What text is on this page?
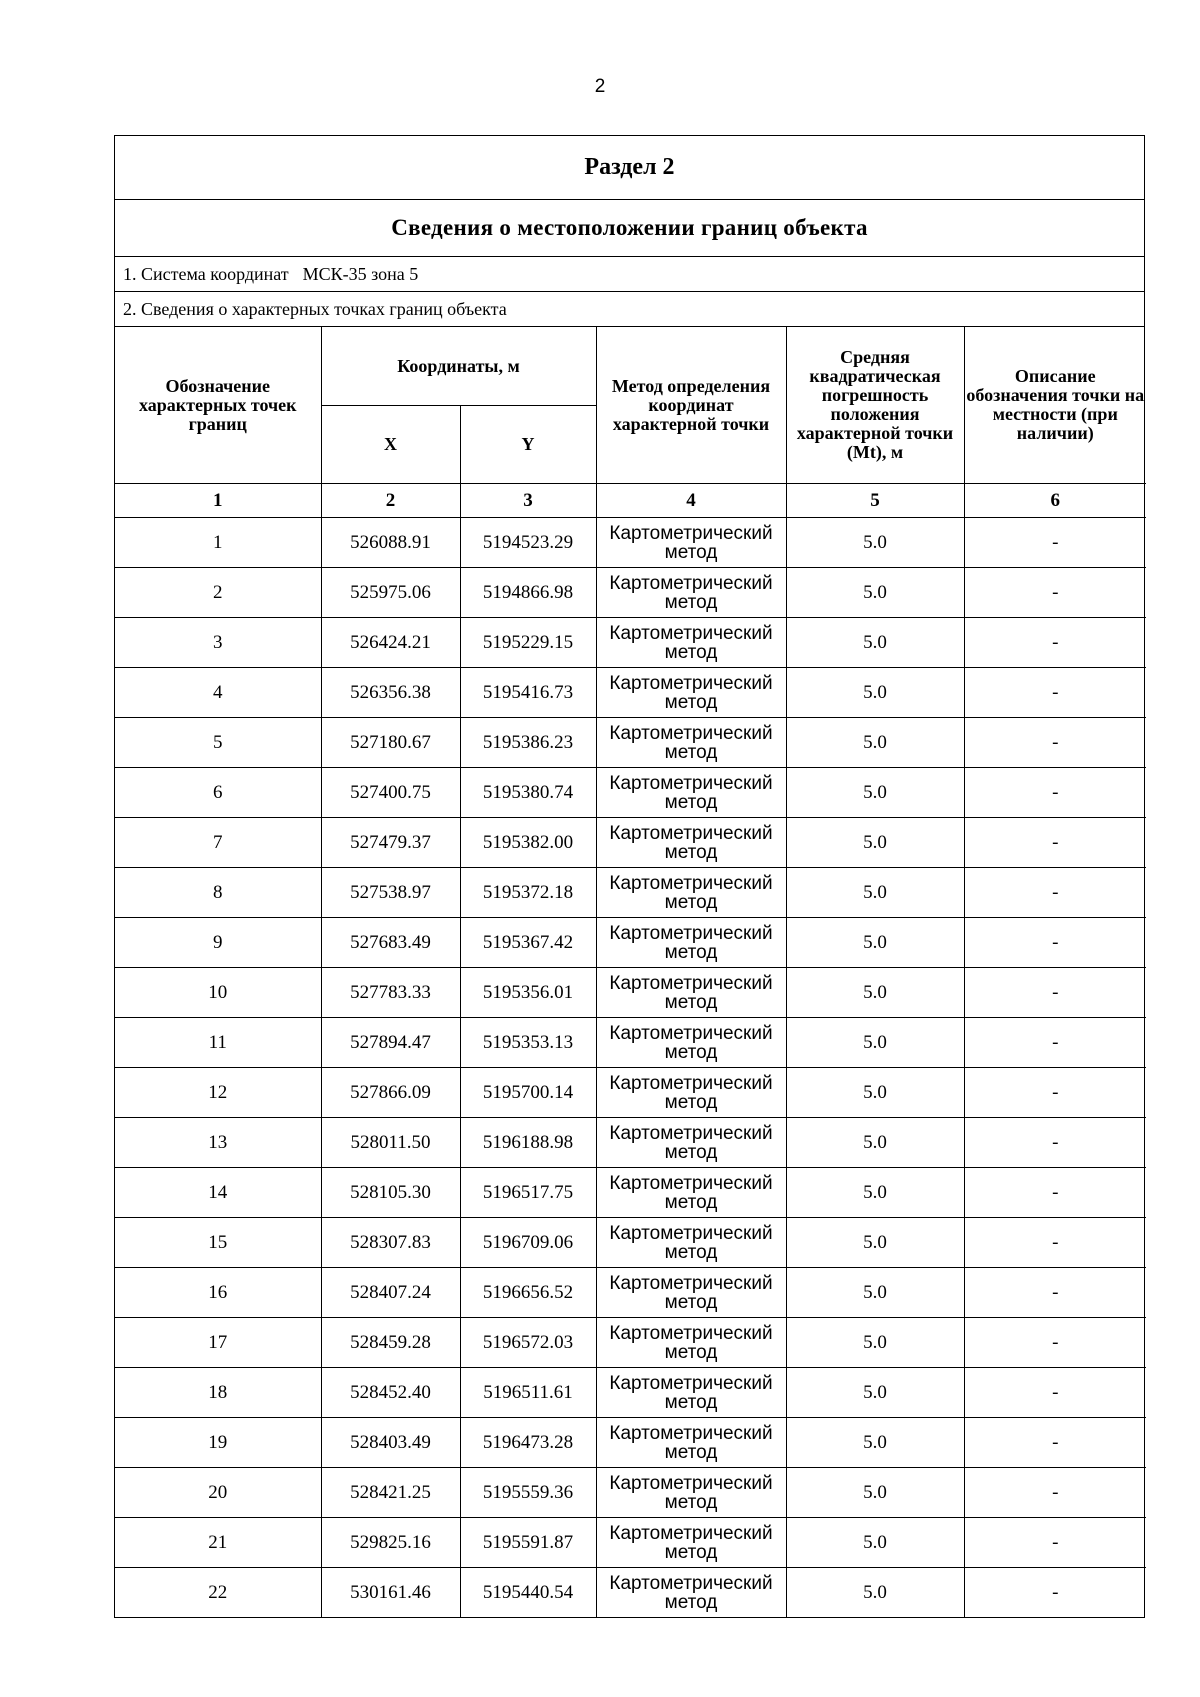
2
Раздел 2
Сведения о местоположении границ объекта
1. Система координат МСК-35 зона 5
2. Сведения о характерных точках границ объекта
Обозначение характерных точек границ	Координаты, м		Метод определения координат характерной точки	Средняя квадратическая погрешность положения характерной точки (Mt), м	Описание обозначения точки на местности (при наличии)
	X	Y			
1	2	3	4	5	6
1	526088.91	5194523.29	Картометрический метод	5.0	-
2	525975.06	5194866.98	Картометрический метод	5.0	-
3	526424.21	5195229.15	Картометрический метод	5.0	-
4	526356.38	5195416.73	Картометрический метод	5.0	-
5	527180.67	5195386.23	Картометрический метод	5.0	-
6	527400.75	5195380.74	Картометрический метод	5.0	-
7	527479.37	5195382.00	Картометрический метод	5.0	-
8	527538.97	5195372.18	Картометрический метод	5.0	-
9	527683.49	5195367.42	Картометрический метод	5.0	-
10	527783.33	5195356.01	Картометрический метод	5.0	-
11	527894.47	5195353.13	Картометрический метод	5.0	-
12	527866.09	5195700.14	Картометрический метод	5.0	-
13	528011.50	5196188.98	Картометрический метод	5.0	-
14	528105.30	5196517.75	Картометрический метод	5.0	-
15	528307.83	5196709.06	Картометрический метод	5.0	-
16	528407.24	5196656.52	Картометрический метод	5.0	-
17	528459.28	5196572.03	Картометрический метод	5.0	-
18	528452.40	5196511.61	Картометрический метод	5.0	-
19	528403.49	5196473.28	Картометрический метод	5.0	-
20	528421.25	5195559.36	Картометрический метод	5.0	-
21	529825.16	5195591.87	Картометрический метод	5.0	-
22	530161.46	5195440.54	Картометрический метод	5.0	-
